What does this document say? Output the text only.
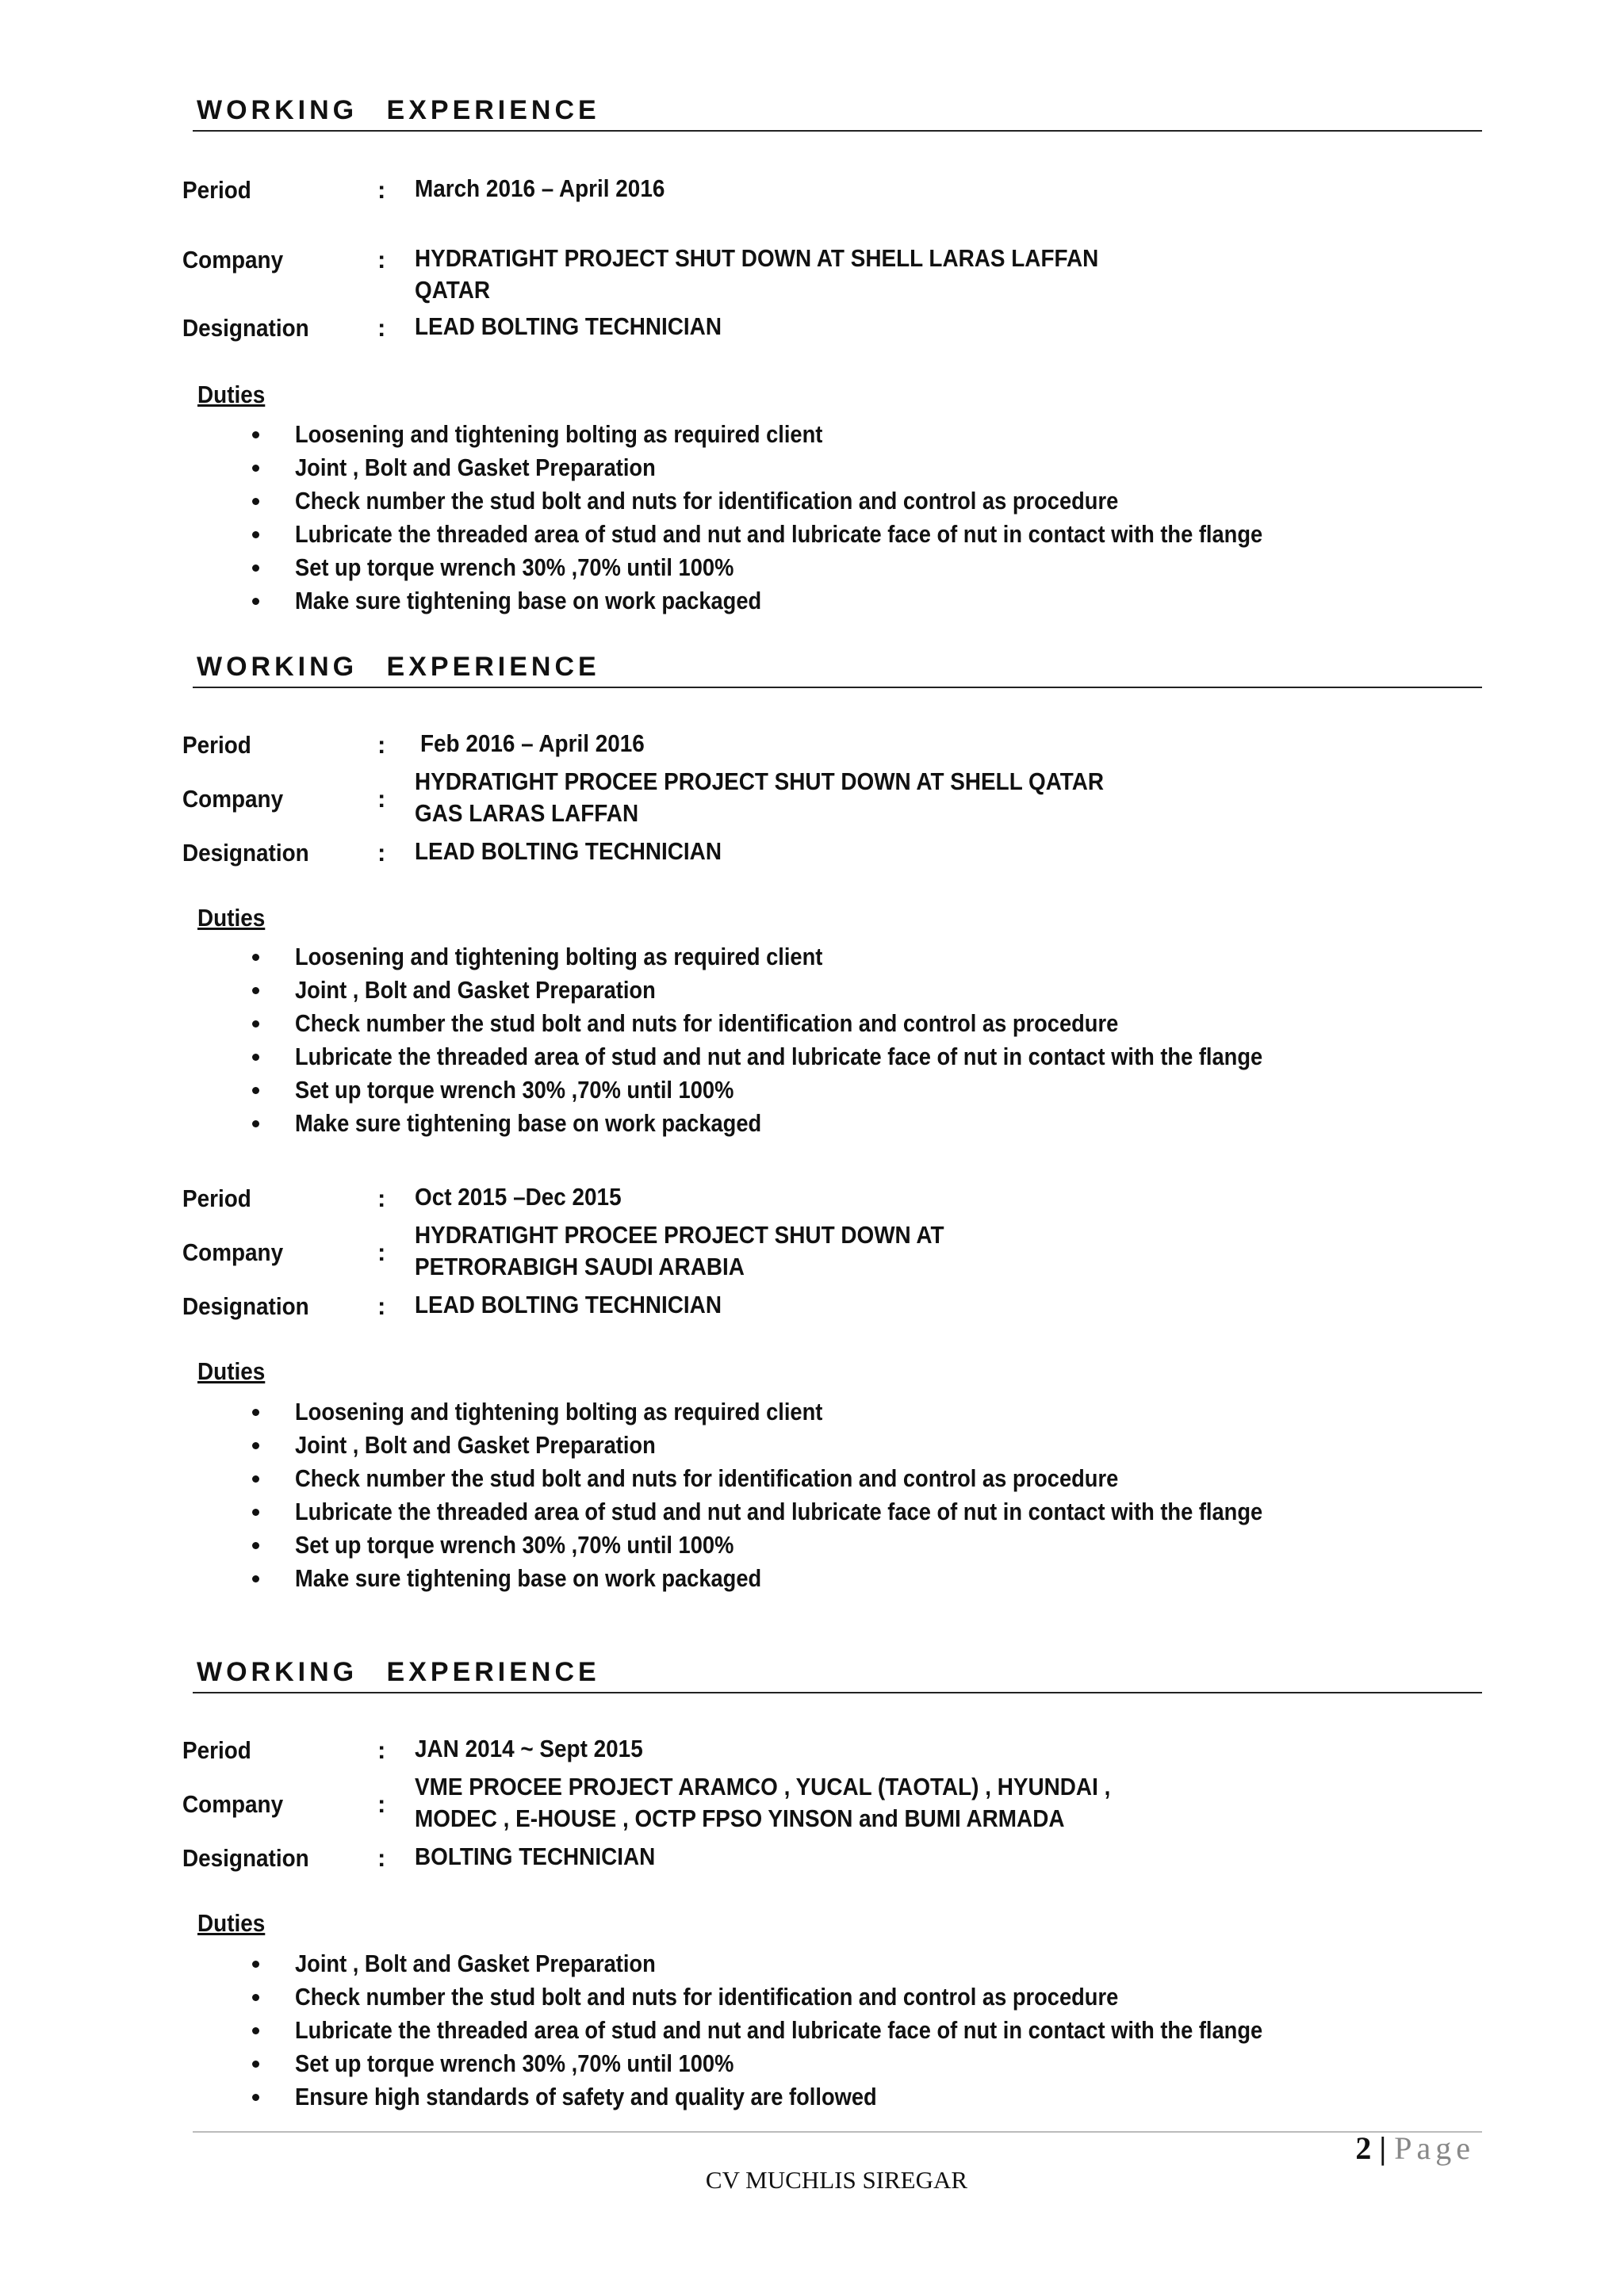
WORKING EXPERIENCE
Period	: March 2016 – April 2016
Company	: HYDRATIGHT PROJECT SHUT DOWN AT SHELL LARAS LAFFAN
QATAR
Designation	: LEAD BOLTING TECHNICIAN
Duties
Loosening and tightening bolting as required client
Joint , Bolt and Gasket Preparation
Check number the stud bolt and nuts for identification and control as procedure
Lubricate the threaded area of stud and nut and lubricate face of nut in contact with the flange
Set up torque wrench 30% ,70% until 100%
Make sure tightening base on work packaged
WORKING EXPERIENCE
Period	: Feb 2016 – April 2016
Company	:
HYDRATIGHT PROCEE PROJECT SHUT DOWN AT SHELL QATAR
GAS LARAS LAFFAN
Designation	: LEAD BOLTING TECHNICIAN
Duties
Loosening and tightening bolting as required client
Joint , Bolt and Gasket Preparation
Check number the stud bolt and nuts for identification and control as procedure
Lubricate the threaded area of stud and nut and lubricate face of nut in contact with the flange
Set up torque wrench 30% ,70% until 100%
Make sure tightening base on work packaged
Period	: Oct 2015 –Dec 2015
Company	:
HYDRATIGHT PROCEE PROJECT SHUT DOWN AT
PETRORABIGH SAUDI ARABIA
Designation	: LEAD BOLTING TECHNICIAN
Duties
Loosening and tightening bolting as required client
Joint , Bolt and Gasket Preparation
Check number the stud bolt and nuts for identification and control as procedure
Lubricate the threaded area of stud and nut and lubricate face of nut in contact with the flange
Set up torque wrench 30% ,70% until 100%
Make sure tightening base on work packaged
WORKING EXPERIENCE
Period	: JAN 2014 ~ Sept 2015
Company	:
VME PROCEE PROJECT ARAMCO , YUCAL (TAOTAL) , HYUNDAI ,
MODEC , E-HOUSE , OCTP FPSO YINSON and BUMI ARMADA
Designation	: BOLTING TECHNICIAN
Duties
Joint , Bolt and Gasket Preparation
Check number the stud bolt and nuts for identification and control as procedure
Lubricate the threaded area of stud and nut and lubricate face of nut in contact with the flange
Set up torque wrench 30% ,70% until 100%
Ensure high standards of safety and quality are followed
2 | Page
CV MUCHLIS SIREGAR
